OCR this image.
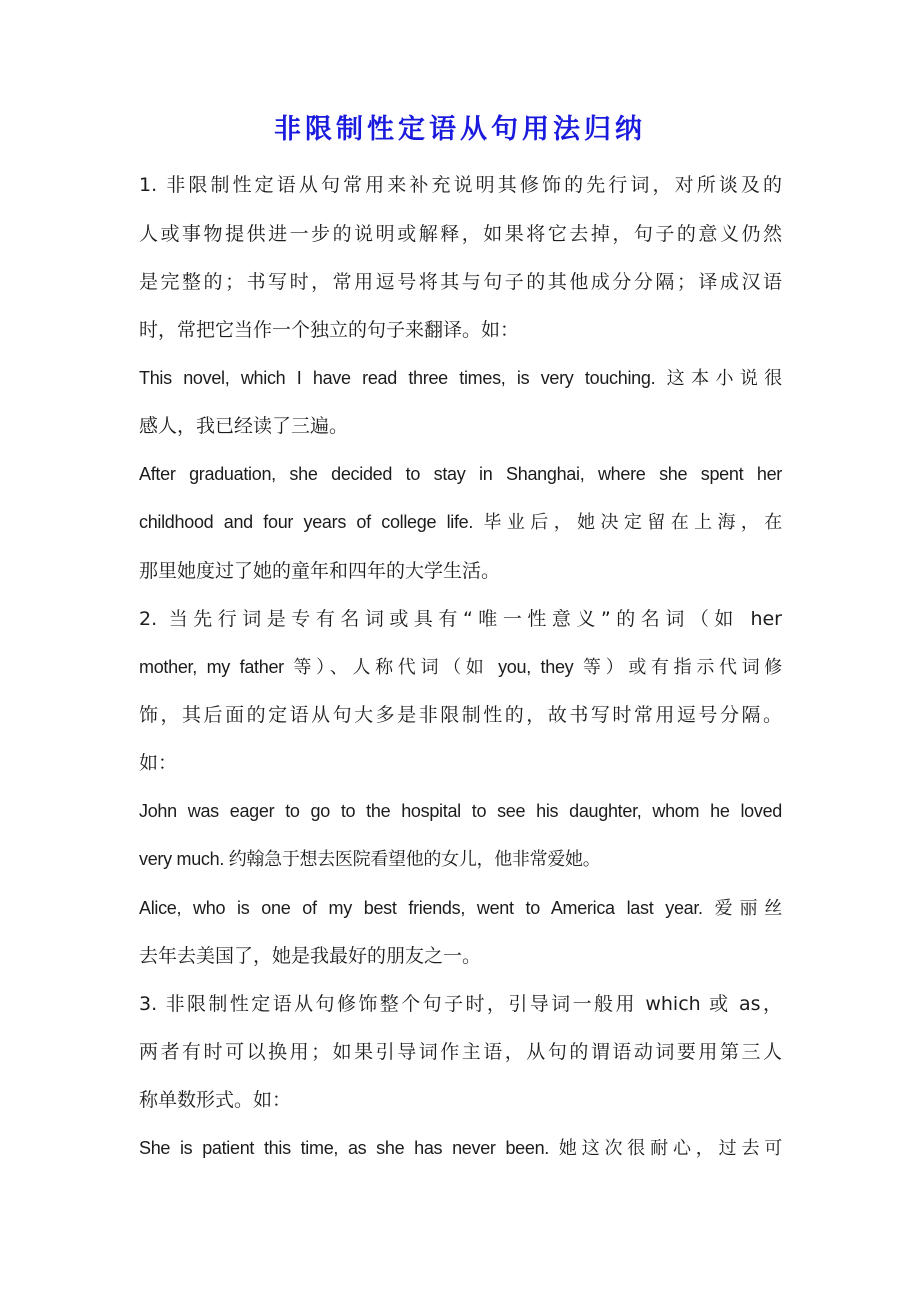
非限制性定语从句用法归纳
1. 非限制性定语从句常用来补充说明其修饰的先行词，对所谈及的
人或事物提供进一步的说明或解释，如果将它去掉，句子的意义仍然
是完整的；书写时，常用逗号将其与句子的其他成分分隔；译成汉语
时，常把它当作一个独立的句子来翻译。如：
This novel, which I have read three times, is very touching. 这本小说很
感人，我已经读了三遍。
After graduation, she decided to stay in Shanghai, where she spent her
childhood and four years of college life. 毕业后，她决定留在上海，在
那里她度过了她的童年和四年的大学生活。
2. 当先行词是专有名词或具有“唯一性意义”的名词（如 her
mother, my father 等）、人称代词（如 you, they 等）或有指示代词修
饰，其后面的定语从句大多是非限制性的，故书写时常用逗号分隔。
如：
John was eager to go to the hospital to see his daughter, whom he loved
very much. 约翰急于想去医院看望他的女儿，他非常爱她。
Alice, who is one of my best friends, went to America last year. 爱丽丝
去年去美国了，她是我最好的朋友之一。
3. 非限制性定语从句修饰整个句子时，引导词一般用 which 或 as，
两者有时可以换用；如果引导词作主语，从句的谓语动词要用第三人
称单数形式。如：
She is patient this time, as she has never been. 她这次很耐心，过去可
